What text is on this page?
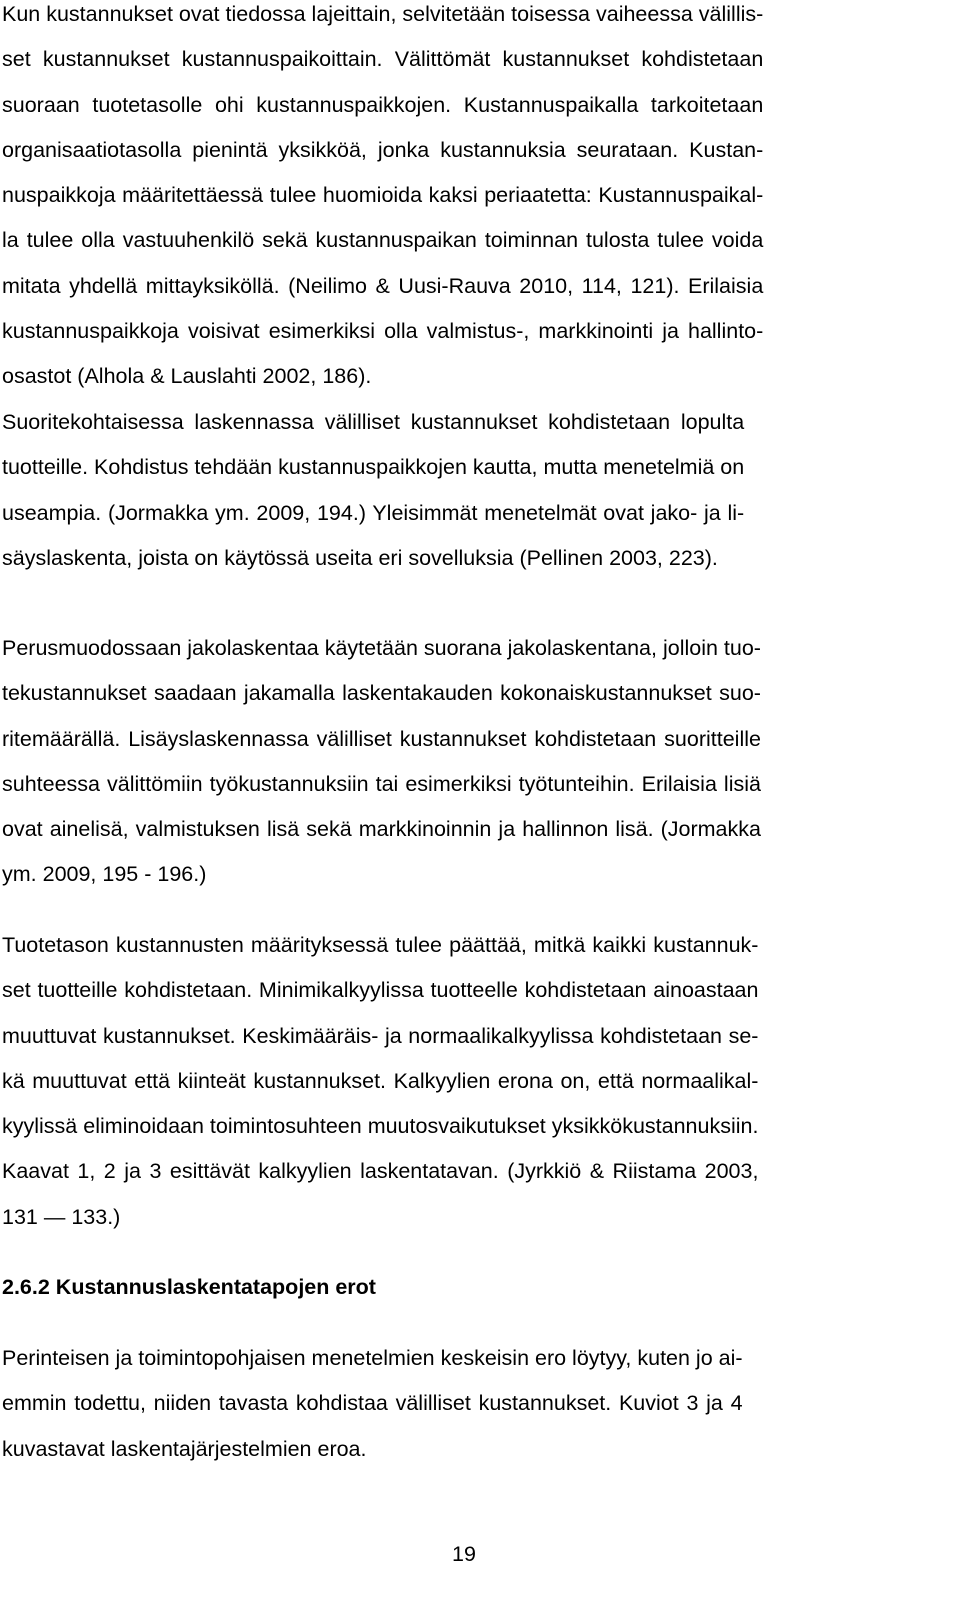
Kun kustannukset ovat tiedossa lajeittain, selvitetään toisessa vaiheessa välillis-
set kustannukset kustannuspaikoittain. Välittömät kustannukset kohdistetaan
suoraan tuotetasolle ohi kustannuspaikkojen. Kustannuspaikalla tarkoitetaan
organisaatiotasolla pienintä yksikköä, jonka kustannuksia seurataan. Kustan-
nuspaikkoja määritettäessä tulee huomioida kaksi periaatetta: Kustannuspaikal-
la tulee olla vastuuhenkilö sekä kustannuspaikan toiminnan tulosta tulee voida
mitata yhdellä mittayksiköllä. (Neilimo & Uusi-Rauva 2010, 114, 121). Erilaisia
kustannuspaikkoja voisivat esimerkiksi olla valmistus-, markkinointi ja hallinto-
osastot (Alhola & Lauslahti 2002, 186).

Suoritekohtaisessa laskennassa välilliset kustannukset kohdistetaan lopulta
tuotteille. Kohdistus tehdään kustannuspaikkojen kautta, mutta menetelmiä on
useampia. (Jormakka ym. 2009, 194.) Yleisimmät menetelmät ovat jako- ja li-
säyslaskenta, joista on käytössä useita eri sovelluksia (Pellinen 2003, 223).

Perusmuodossaan jakolaskentaa käytetään suorana jakolaskentana, jolloin tuo-
tekustannukset saadaan jakamalla laskentakauden kokonaiskustannukset suo-
ritemäärällä. Lisäyslaskennassa välilliset kustannukset kohdistetaan suoritteille
suhteessa välittömiin työkustannuksiin tai esimerkiksi työtunteihin. Erilaisia lisiä
ovat ainelisä, valmistuksen lisä sekä markkinoinnin ja hallinnon lisä. (Jormakka
ym. 2009, 195 - 196.)

Tuotetason kustannusten määrityksessä tulee päättää, mitkä kaikki kustannuk-
set tuotteille kohdistetaan. Minimikalkyylissa tuotteelle kohdistetaan ainoastaan
muuttuvat kustannukset. Keskimääräis- ja normaalikalkyylissa kohdistetaan se-
kä muuttuvat että kiinteät kustannukset. Kalkyylien erona on, että normaalikal-
kyylissä eliminoidaan toimintosuhteen muutosvaikutukset yksikkökustannuksiin.
Kaavat 1, 2 ja 3 esittävät kalkyylien laskentatavan. (Jyrkkiö & Riistama 2003,
131 — 133.)

2.6.2 Kustannuslaskentatapojen erot

Perinteisen ja toimintopohjaisen menetelmien keskeisin ero löytyy, kuten jo ai-
emmin todettu, niiden tavasta kohdistaa välilliset kustannukset. Kuviot 3 ja 4
kuvastavat laskentajärjestelmien eroa.

19
